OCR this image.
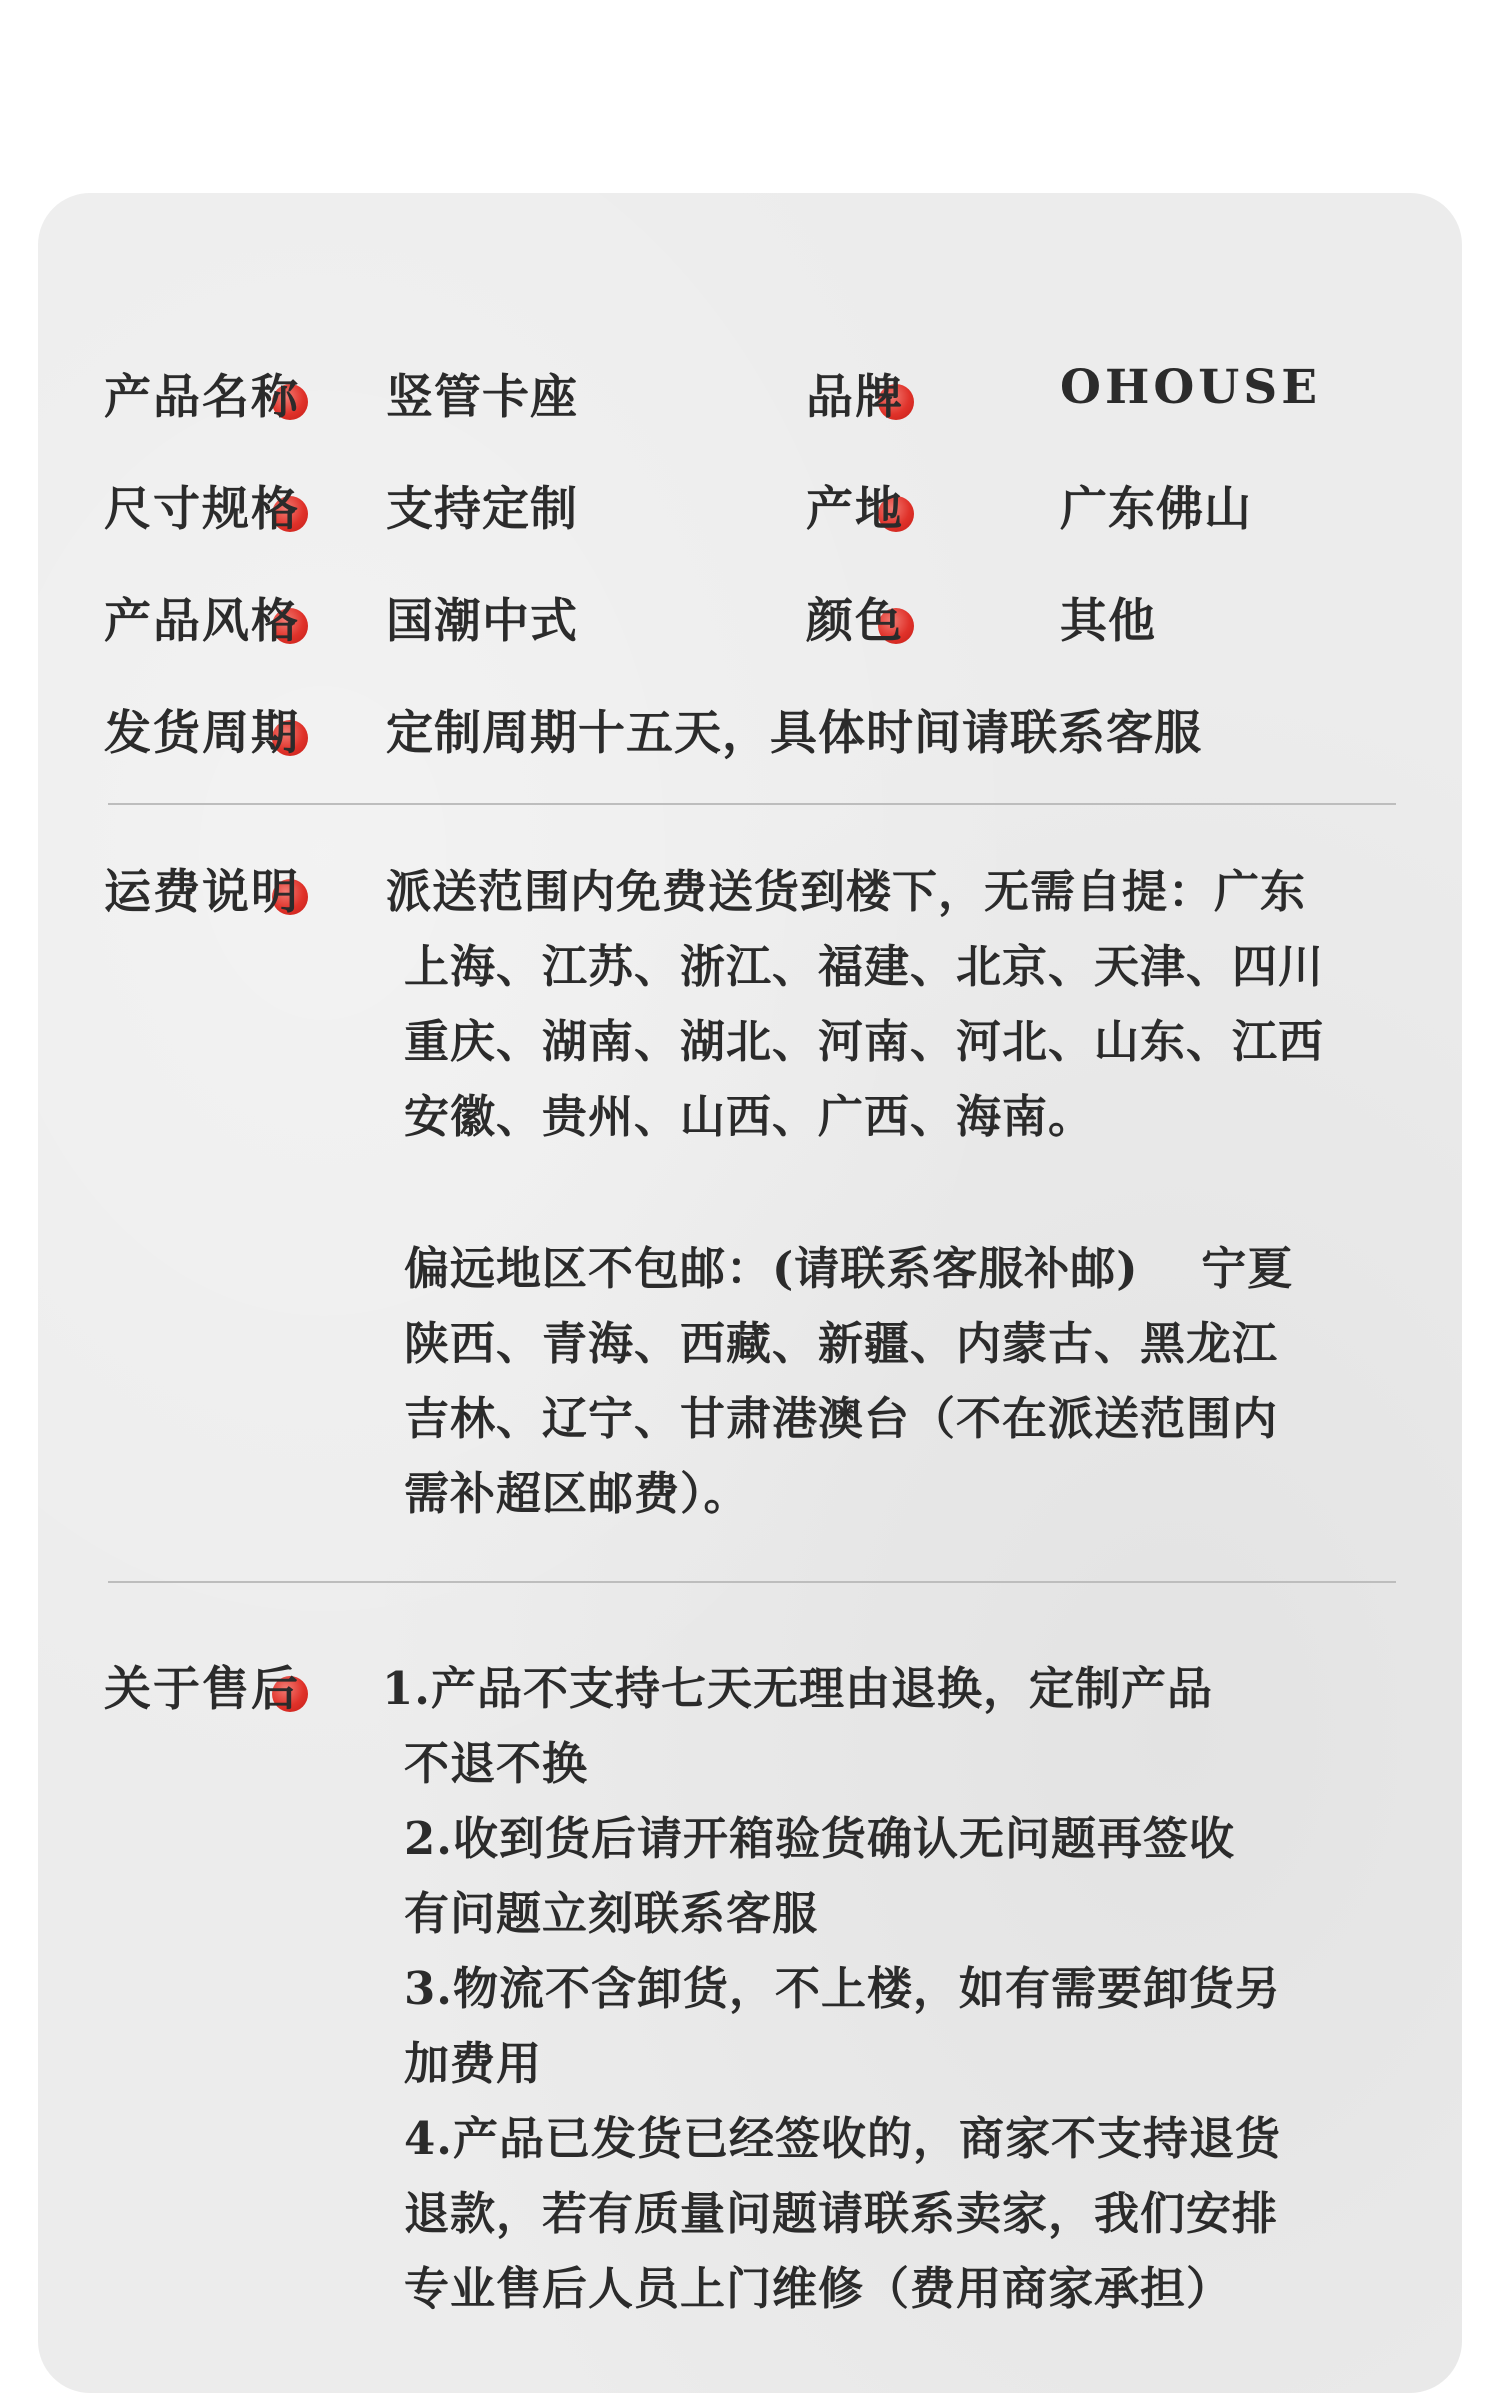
产品名称 竖管卡座	品牌	OHOUSE
尺寸规格 支持定制	产地	广东佛山
产品风格 国潮中式	颜色	其他
发货周期 定制周期十五天，具体时间请联系客服
运费说明 派送范围内免费送货到楼下，无需自提：广东
上海、江苏、浙江、福建、北京、天津、四川
重庆、湖南、湖北、河南、河北、山东、江西
安徽、贵州、山西、广西、海南。
偏远地区不包邮：(请联系客服补邮)　 宁夏
陕西、青海、西藏、新疆、内蒙古、黑龙江
吉林、辽宁、甘肃港澳台（不在派送范围内
需补超区邮费）。
关于售后 1.产品不支持七天无理由退换，定制产品
不退不换
2.收到货后请开箱验货确认无问题再签收
有问题立刻联系客服
3.物流不含卸货，不上楼，如有需要卸货另
加费用
4.产品已发货已经签收的，商家不支持退货
退款，若有质量问题请联系卖家，我们安排
专业售后人员上门维修（费用商家承担）
